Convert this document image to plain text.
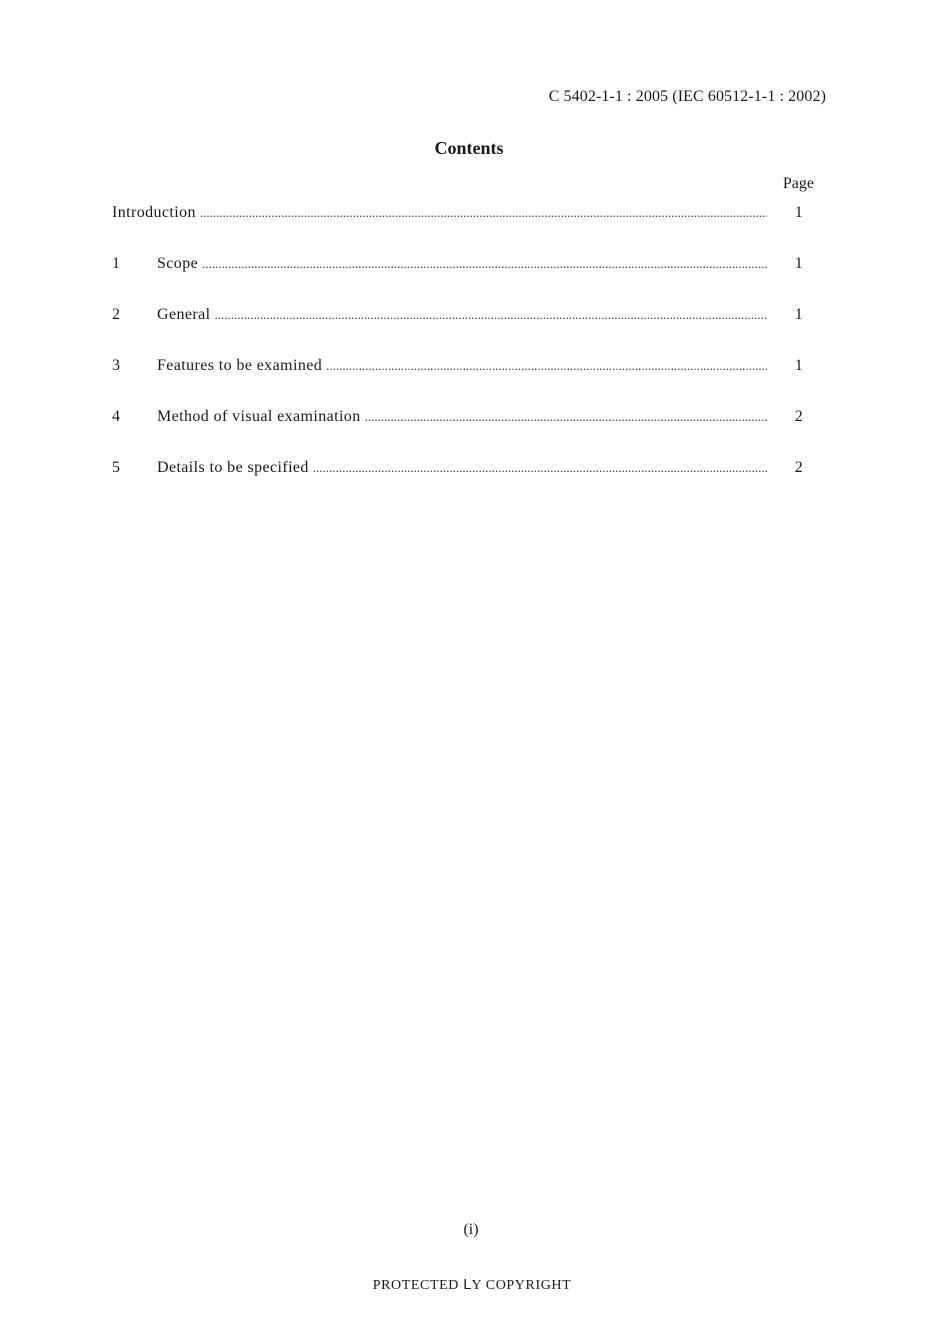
C 5402-1-1 : 2005 (IEC 60512-1-1 : 2002)
Contents
Page
Introduction .....	1
1	Scope .....	1
2	General .....	1
3	Features to be examined .....	1
4	Method of visual examination .....	2
5	Details to be specified .....	2
(i)
PROTECTED ᒪY COPYRIGHT
